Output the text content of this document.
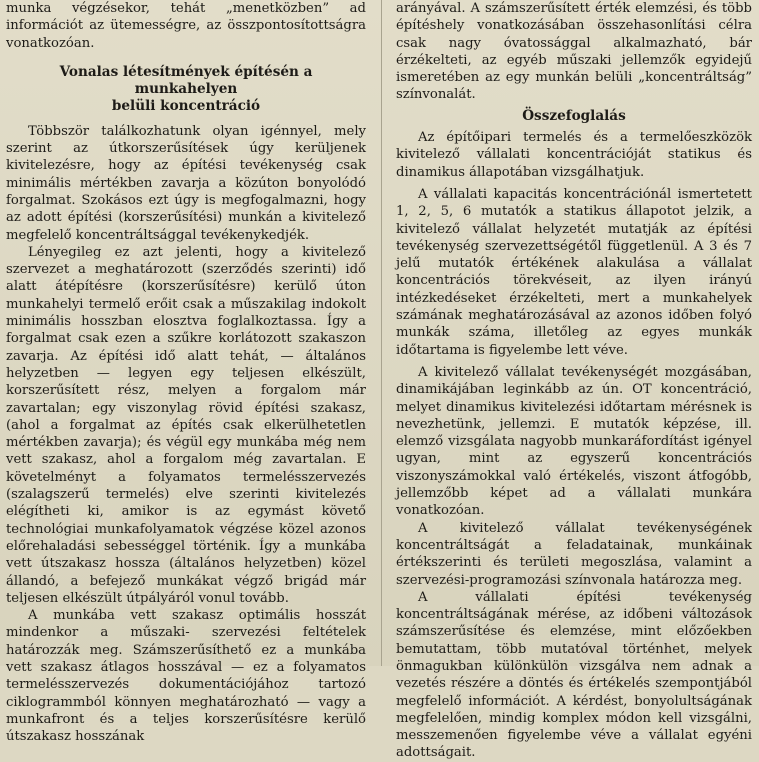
munka végzésekor, tehát „menetközben” ad információt az ütemességre, az összpontosítottságra vonatkozóan.

Vonalas létesítmények építésén a munkahelyen
belüli koncentráció

Többször találkozhatunk olyan igénnyel, mely szerint az útkorszerűsítések úgy kerüljenek kivitelezésre, hogy az építési tevékenység csak minimális mértékben zavarja a közúton bonyolódó forgalmat. Szokásos ezt úgy is megfogalmazni, hogy az adott építési (korszerűsítési) munkán a kivitelező megfelelő koncentráltsággal tevékenykedjék.

Lényegileg ez azt jelenti, hogy a kivitelező szervezet a meghatározott (szerződés szerinti) idő alatt átépítésre (korszerűsítésre) kerülő úton munkahelyi termelő erőit csak a műszakilag indokolt minimális hosszban elosztva foglalkoztassa. Így a forgalmat csak ezen a szűkre korlátozott szakaszon zavarja. Az építési idő alatt tehát, — általános helyzetben — legyen egy teljesen elkészült, korszerűsített rész, melyen a forgalom már zavartalan; egy viszonylag rövid építési szakasz, (ahol a forgalmat az építés csak elkerülhetetlen mértékben zavarja); és végül egy munkába még nem vett szakasz, ahol a forgalom még zavartalan. E követelményt a folyamatos termelésszervezés (szalagszerű termelés) elve szerinti kivitelezés elégítheti ki, amikor is az egymást követő technológiai munkafolyamatok végzése közel azonos előrehaladási sebességgel történik. Így a munkába vett útszakasz hossza (általános helyzetben) közel állandó, a befejező munkákat végző brigád már teljesen elkészült útpályáról vonul tovább.

A munkába vett szakasz optimális hosszát mindenkor a műszaki- szervezési feltételek határozzák meg. Számszerűsíthető ez a munkába vett szakasz átlagos hosszával — ez a folyamatos termelésszervezés dokumentációjához tartozó ciklogrammból könnyen meghatározható — vagy a munkafront és a teljes korszerűsítésre kerülő útszakasz hosszának

arányával. A számszerűsített érték elemzési, és több építéshely vonatkozásában összehasonlítási célra csak nagy óvatossággal alkalmazható, bár érzékelteti, az egyéb műszaki jellemzők egyidejű ismeretében az egy munkán belüli „koncentráltság” színvonalát.

Összefoglalás

Az építőipari termelés és a termelőeszközök kivitelező vállalati koncentrációját statikus és dinamikus állapotában vizsgálhatjuk.

A vállalati kapacitás koncentrációnál ismertetett 1, 2, 5, 6 mutatók a statikus állapotot jelzik, a kivitelező vállalat helyzetét mutatják az építési tevékenység szervezettségétől függetlenül. A 3 és 7 jelű mutatók értékének alakulása a vállalat koncentrációs törekvéseit, az ilyen irányú intézkedéseket érzékelteti, mert a munkahelyek számának meghatározásával az azonos időben folyó munkák száma, illetőleg az egyes munkák időtartama is figyelembe lett véve.

A kivitelező vállalat tevékenységét mozgásában, dinamikájában leginkább az ún. OT koncentráció, melyet dinamikus kivitelezési időtartam mérésnek is nevezhetünk, jellemzi. E mutatók képzése, ill. elemző vizsgálata nagyobb munkaráfordítást igényel ugyan, mint az egyszerű koncentrációs viszonyszámokkal való értékelés, viszont átfogóbb, jellemzőbb képet ad a vállalati munkára vonatkozóan.

A kivitelező vállalat tevékenységének koncentráltságát a feladatainak, munkáinak értékszerinti és területi megoszlása, valamint a szervezési-programozási színvonala határozza meg.

A vállalati építési tevékenység koncentráltságának mérése, az időbeni változások számszerűsítése és elemzése, mint előzőekben bemutattam, több mutatóval történhet, melyek önmagukban különkülön vizsgálva nem adnak a vezetés részére a döntés és értékelés szempontjából megfelelő információt. A kérdést, bonyolultságának megfelelően, mindig komplex módon kell vizsgálni, messzemenően figyelembe véve a vállalat egyéni adottságait.
